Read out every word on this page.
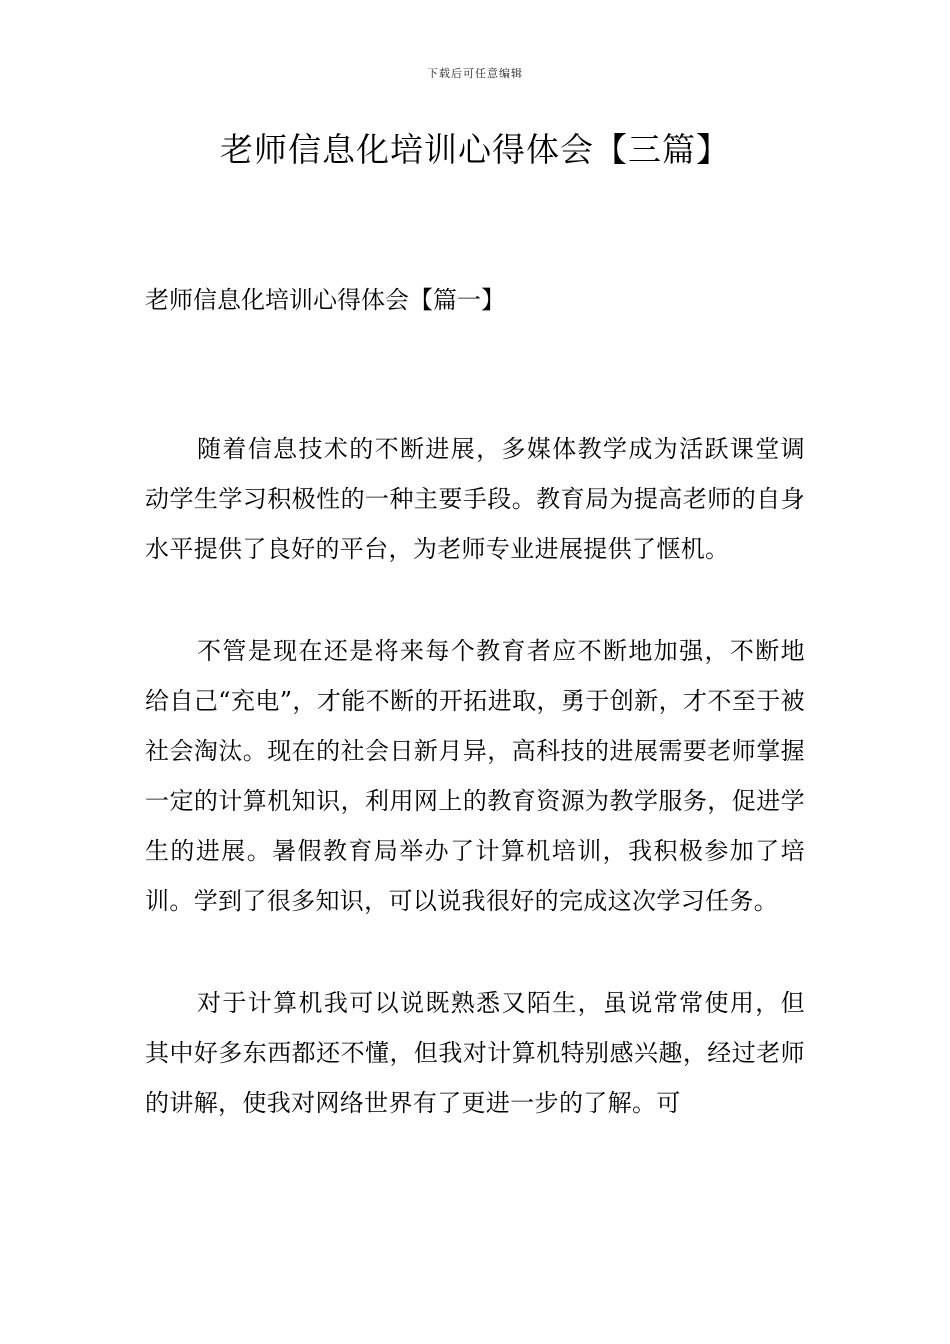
下载后可任意编辑
老师信息化培训心得体会【三篇】
老师信息化培训心得体会【篇一】

随着信息技术的不断进展，多媒体教学成为活跃课堂调动学生学习积极性的一种主要手段。教育局为提高老师的自身水平提供了良好的平台，为老师专业进展提供了惬机。

不管是现在还是将来每个教育者应不断地加强，不断地给自己“充电”，才能不断的开拓进取，勇于创新，才不至于被社会淘汰。现在的社会日新月异，高科技的进展需要老师掌握一定的计算机知识，利用网上的教育资源为教学服务，促进学生的进展。暑假教育局举办了计算机培训，我积极参加了培训。学到了很多知识，可以说我很好的完成这次学习任务。

对于计算机我可以说既熟悉又陌生，虽说常常使用，但其中好多东西都还不懂，但我对计算机特别感兴趣，经过老师的讲解，使我对网络世界有了更进一步的了解。可
